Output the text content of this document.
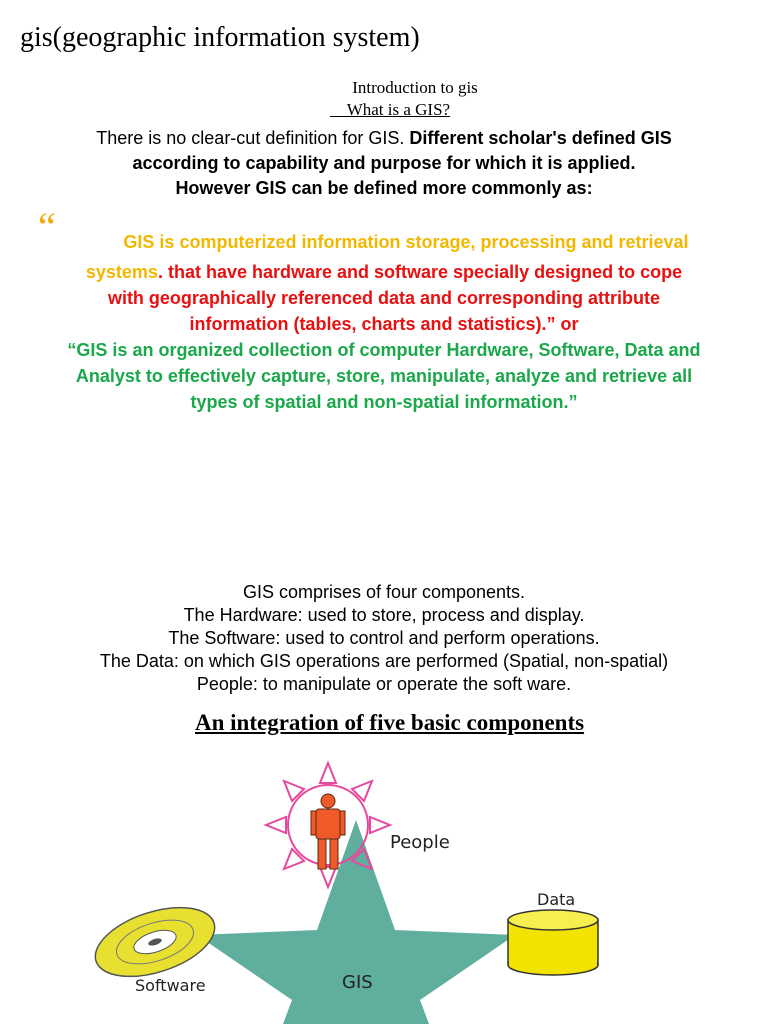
gis(geographic information system)
Introduction to gis
What is a GIS?
There is no clear-cut definition for GIS. Different scholar's defined GIS
according to capability and purpose for which it is applied.
However GIS can be defined more commonly as:
“	GIS is computerized information storage, processing and retrieval
systems. that have hardware and software specially designed to cope
with geographically referenced data and corresponding attribute
information (tables, charts and statistics).” or
“GIS is an organized collection of computer Hardware, Software, Data and
Analyst to effectively capture, store, manipulate, analyze and retrieve all
types of spatial and non-spatial information.”
GIS comprises of four components.
The Hardware: used to store, process and display.
The Software: used to control and perform operations.
The Data: on which GIS operations are performed (Spatial, non-spatial)
People: to manipulate or operate the soft ware.
An integration of five basic components
People
Data
Software	GIS
